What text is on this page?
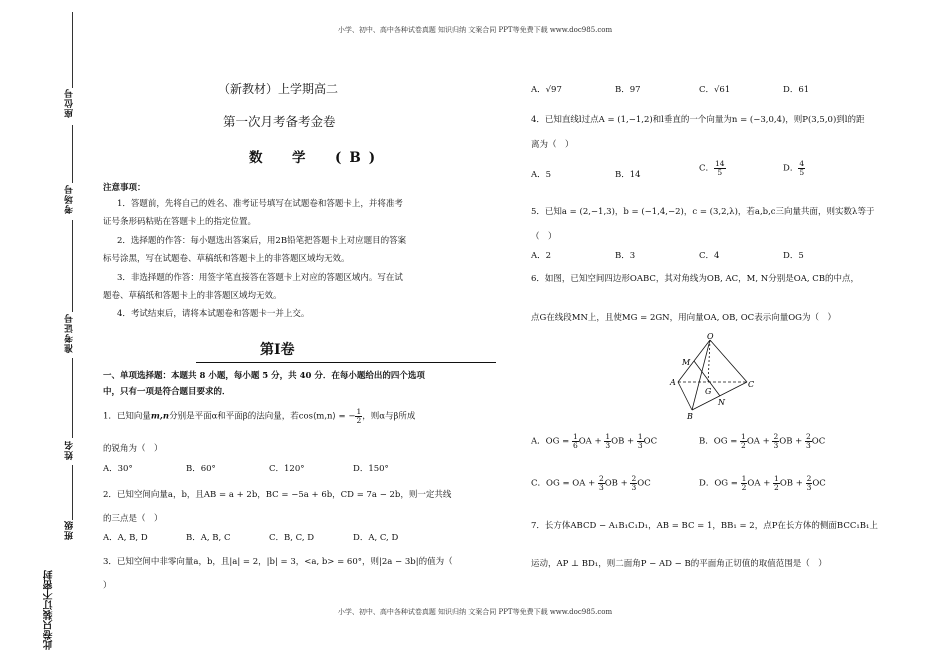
小学、初中、高中各种试卷真题 知识归纳 文案合同 PPT等免费下载 www.doc985.com
小学、初中、高中各种试卷真题 知识归纳 文案合同 PPT等免费下载 www.doc985.com
座位号
考场号
准考证号
姓名
班级
此卷只装订不密封
（新教材）上学期高二
第一次月考备考金卷
数　学　(B)
注意事项：
1．答题前，先将自己的姓名、准考证号填写在试题卷和答题卡上，并将准考
证号条形码粘贴在答题卡上的指定位置。
2．选择题的作答：每小题选出答案后，用2B铅笔把答题卡上对应题目的答案
标号涂黑，写在试题卷、草稿纸和答题卡上的非答题区域均无效。
3．非选择题的作答：用签字笔直接答在答题卡上对应的答题区域内。写在试
题卷、草稿纸和答题卡上的非答题区域均无效。
4．考试结束后，请将本试题卷和答题卡一并上交。
第Ⅰ卷
一、单项选择题：本题共 8 小题，每小题 5 分，共 40 分．在每小题给出的四个选项
中，只有一项是符合题目要求的．
1．已知向量m,n分别是平面α和平面β的法向量，若cos⟨m,n⟩ = − $\frac{1}{2}$ ，则α与β所成
的锐角为（　）
A．30°	B．60°	C．120°	D．150°
2．已知空间向量a，b，且AB = a + 2b，BC = −5a + 6b，CD = 7a − 2b，则一定共线
的三点是（　）
A．A, B, D	B．A, B, C	C．B, C, D	D．A, C, D
3．已知空间中非零向量a，b，且|a| = 2，|b| = 3，<a, b> = 60°，则|2a − 3b|的值为（
）
A．√97	B．97	C．√61	D．61
4．已知直线l过点A = (1,−1,2)和l垂直的一个向量为n = (−3,0,4)，则P(3,5,0)到l的距
离为（　）
A．5	B．14
C． $\frac{14}{5}$	D． $\frac{4}{5}$
5．已知a = (2,−1,3)，b = (−1,4,−2)，c = (3,2,λ)，若a,b,c三向量共面，则实数λ等于
（　）
A．2	B．3	C．4	D．5
6．如图，已知空间四边形OABC，其对角线为OB, AC，M, N分别是OA, CB的中点，
点G在线段MN上，且使MG = 2GN，用向量OA, OB, OC表示向量OG为（　）
O
M
A
G
C
N
B
A．OG = $\frac{1}{6}$ OA + $\frac{1}{3}$ OB + $\frac{1}{3}$ OC	B．OG = $\frac{1}{2}$ OA + $\frac{2}{3}$ OB + $\frac{2}{3}$ OC
C．OG = OA + $\frac{2}{3}$ OB + $\frac{2}{3}$ OC	D．OG = $\frac{1}{2}$ OA + $\frac{1}{2}$ OB + $\frac{2}{3}$ OC
7．长方体ABCD − A₁B₁C₁D₁，AB = BC = 1，BB₁ = 2，点P在长方体的侧面BCC₁B₁上
运动，AP ⊥ BD₁，则二面角P − AD − B的平面角正切值的取值范围是（　）
